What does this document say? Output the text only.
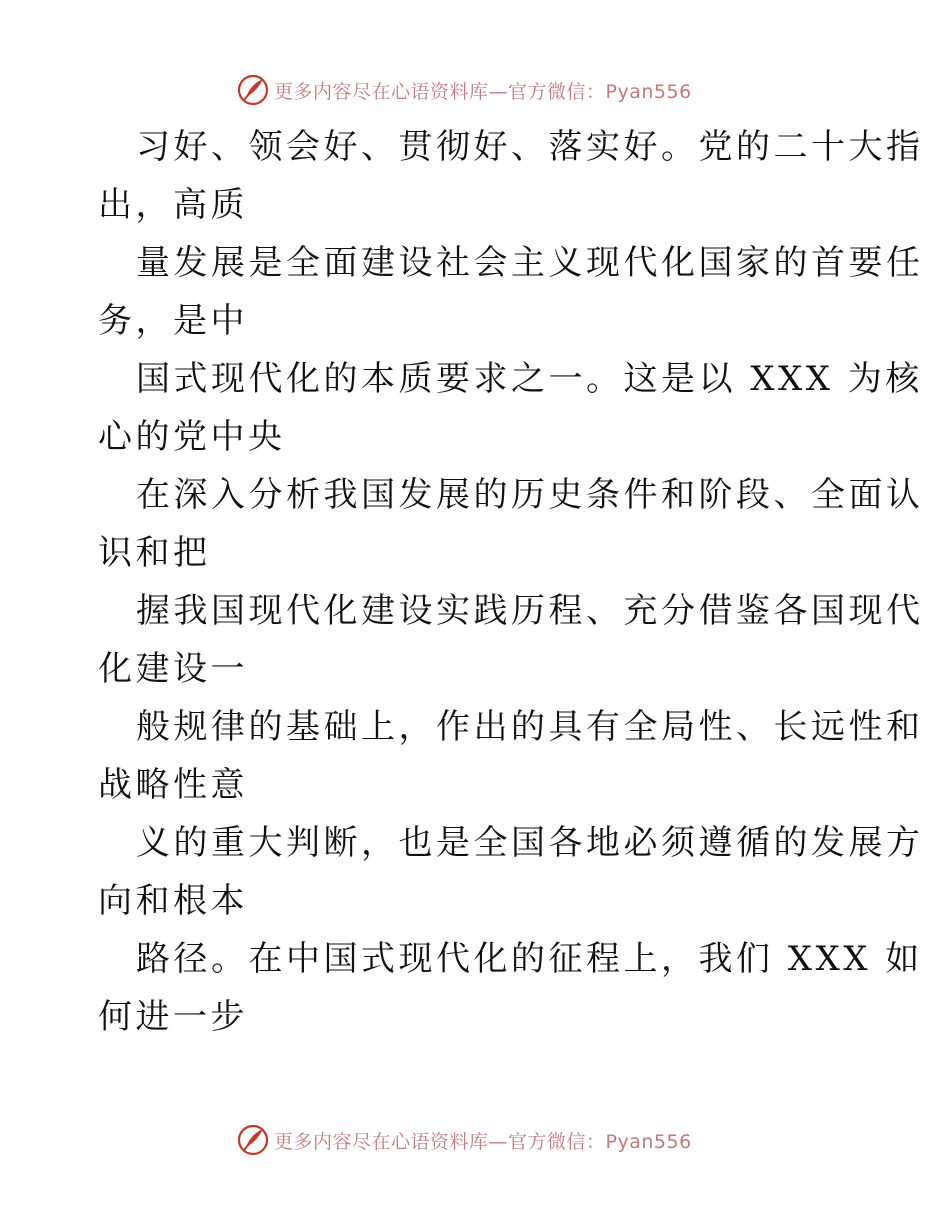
更多内容尽在心语资料库—官方微信：Pyan556
习好、领会好、贯彻好、落实好。党的二十大指
出，高质
量发展是全面建设社会主义现代化国家的首要任
务，是中
国式现代化的本质要求之一。这是以 XXX 为核
心的党中央
在深入分析我国发展的历史条件和阶段、全面认
识和把
握我国现代化建设实践历程、充分借鉴各国现代
化建设一
般规律的基础上，作出的具有全局性、长远性和
战略性意
义的重大判断，也是全国各地必须遵循的发展方
向和根本
路径。在中国式现代化的征程上，我们 XXX 如
何进一步
更多内容尽在心语资料库—官方微信：Pyan556
